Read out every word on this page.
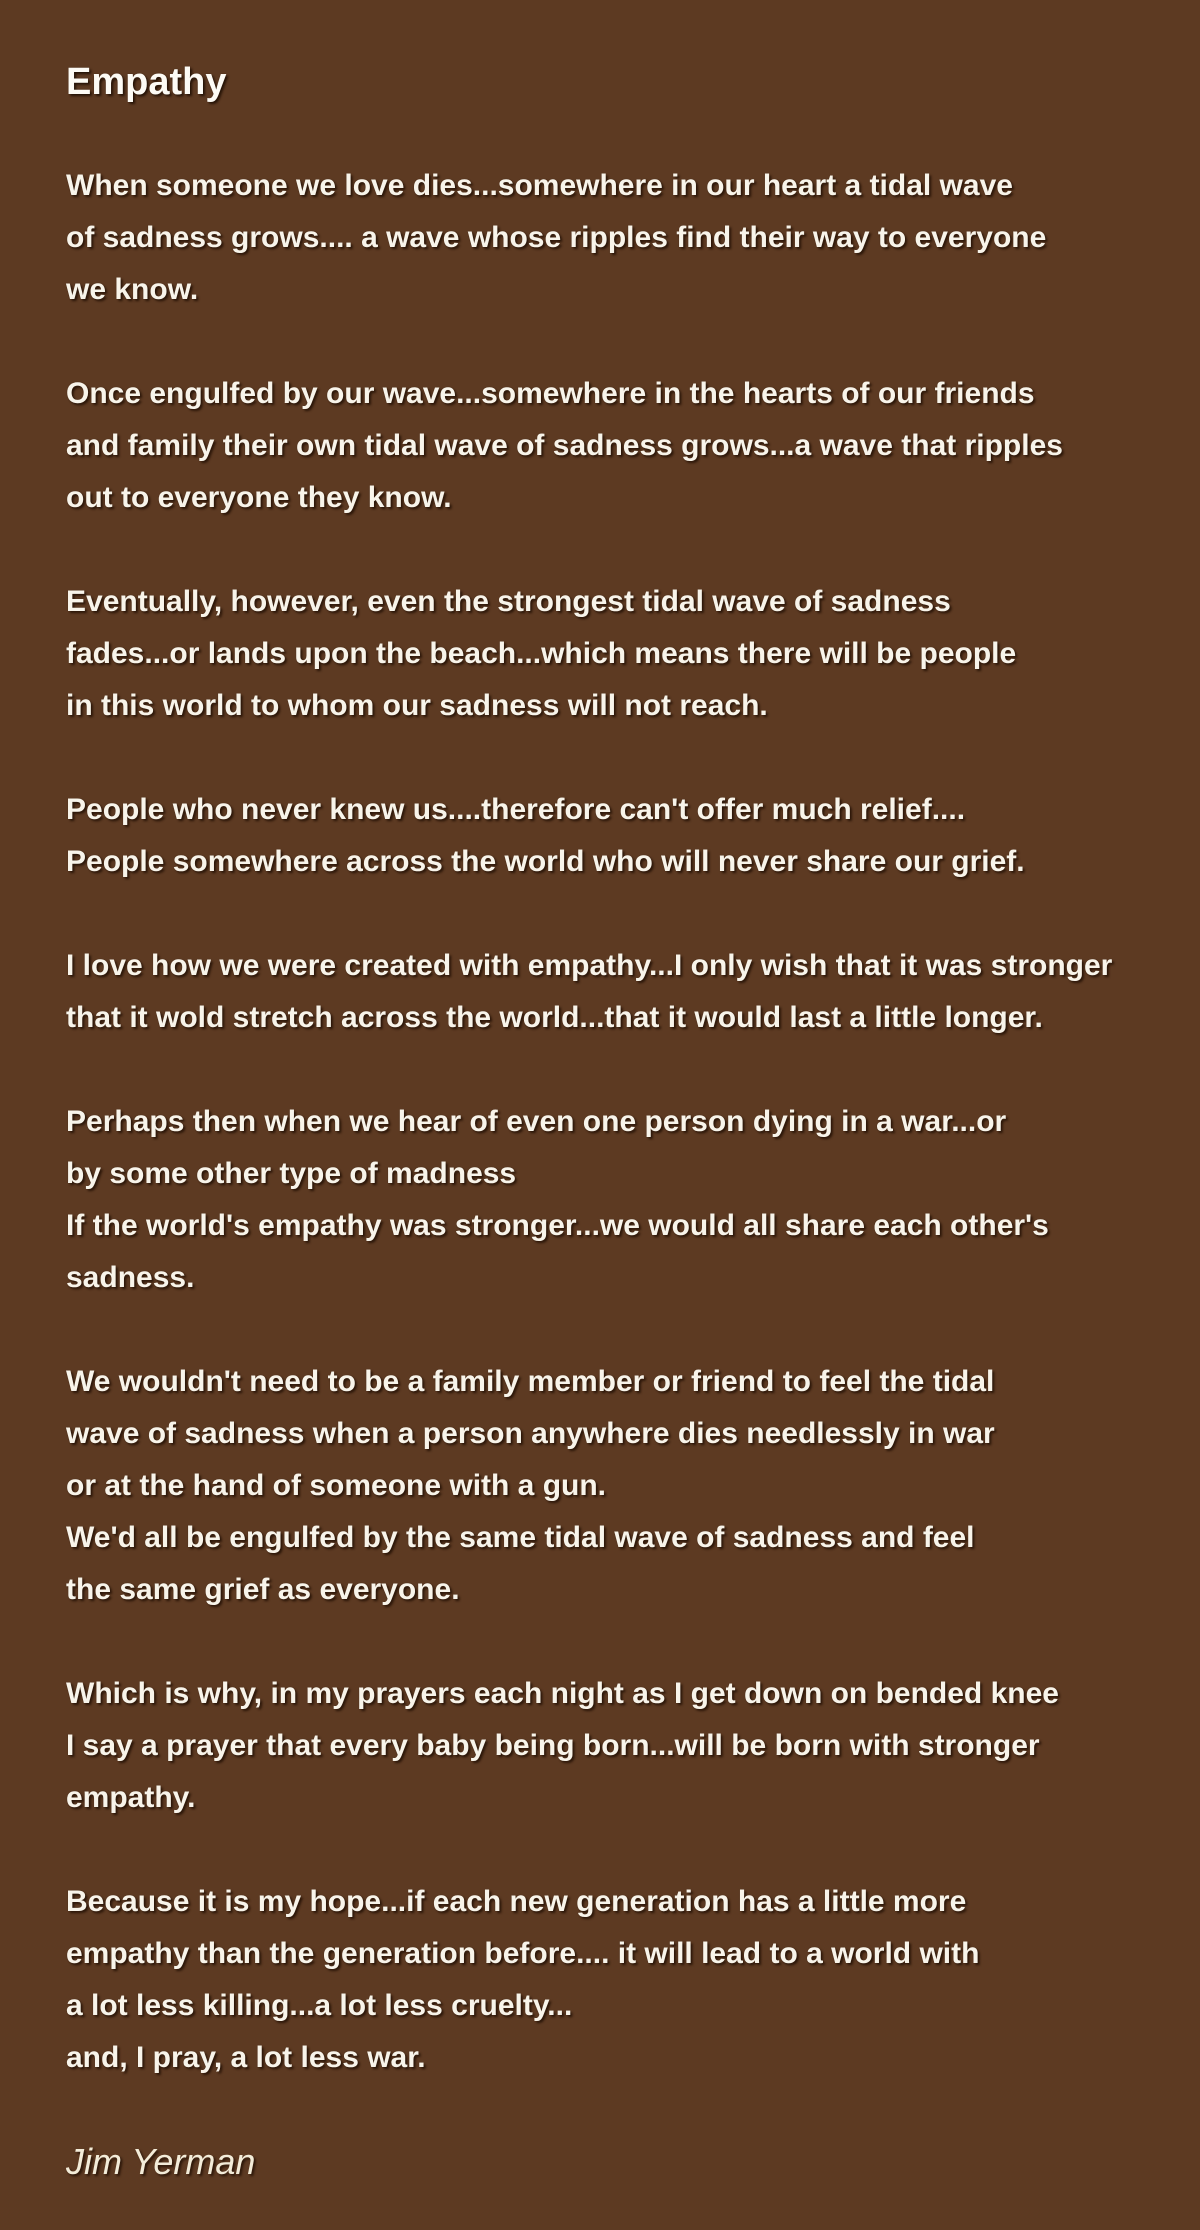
Empathy
When someone we love dies...somewhere in our heart a tidal wave
of sadness grows.... a wave whose ripples find their way to everyone
we know.
Once engulfed by our wave...somewhere in the hearts of our friends
and family their own tidal wave of sadness grows...a wave that ripples
out to everyone they know.
Eventually, however, even the strongest tidal wave of sadness
fades...or lands upon the beach...which means there will be people
in this world to whom our sadness will not reach.
People who never knew us....therefore can't offer much relief....
People somewhere across the world who will never share our grief.
I love how we were created with empathy...I only wish that it was stronger
that it wold stretch across the world...that it would last a little longer.
Perhaps then when we hear of even one person dying in a war...or
by some other type of madness
If the world's empathy was stronger...we would all share each other's
sadness.
We wouldn't need to be a family member or friend to feel the tidal
wave of sadness when a person anywhere dies needlessly in war
or at the hand of someone with a gun.
We'd all be engulfed by the same tidal wave of sadness and feel
the same grief as everyone.
Which is why, in my prayers each night as I get down on bended knee
I say a prayer that every baby being born...will be born with stronger
empathy.
Because it is my hope...if each new generation has a little more
empathy than the generation before.... it will lead to a world with
a lot less killing...a lot less cruelty...
and, I pray, a lot less war.

Jim Yerman
